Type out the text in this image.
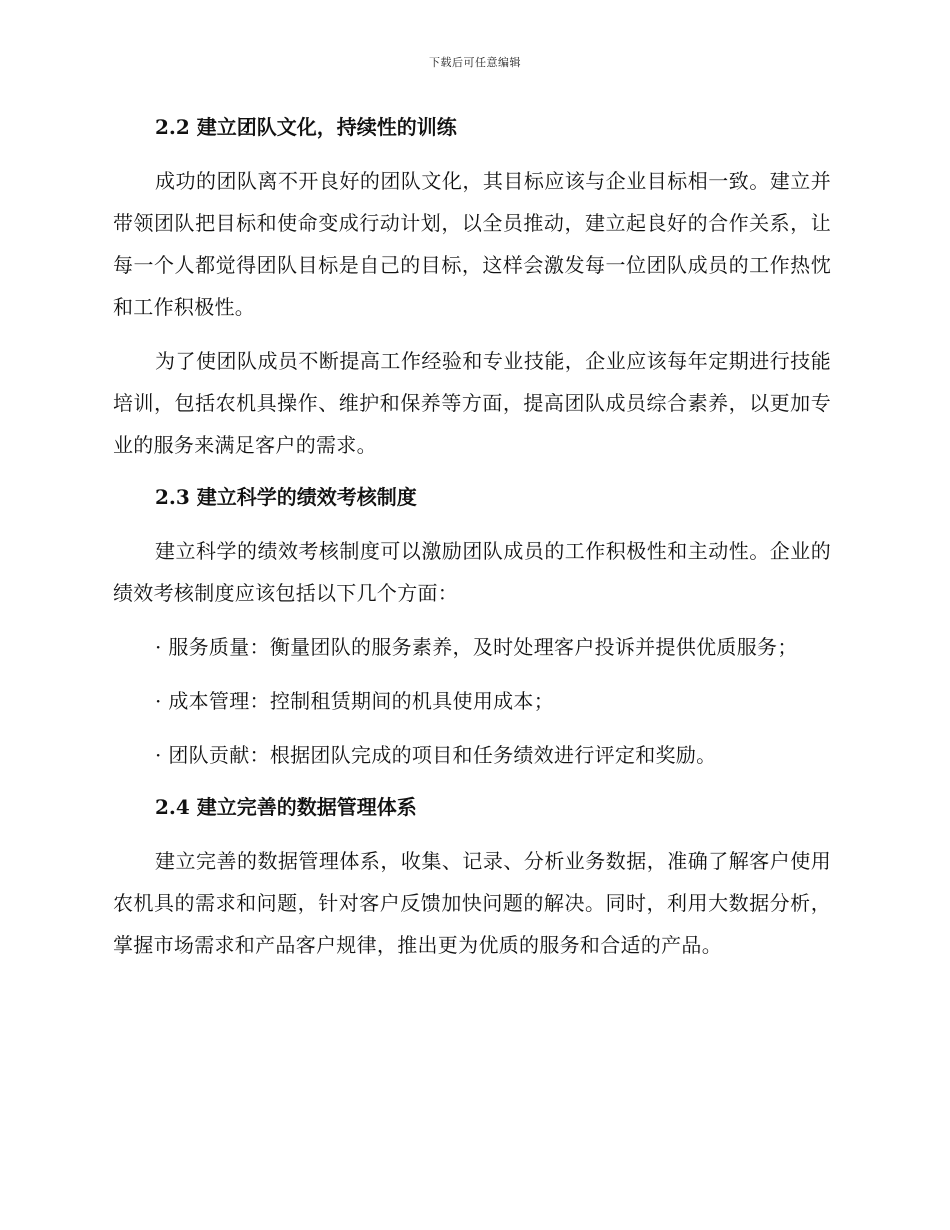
下载后可任意编辑
2.2 建立团队文化，持续性的训练

成功的团队离不开良好的团队文化，其目标应该与企业目标相一致。建立并带领团队把目标和使命变成行动计划，以全员推动，建立起良好的合作关系，让每一个人都觉得团队目标是自己的目标，这样会激发每一位团队成员的工作热忱和工作积极性。

为了使团队成员不断提高工作经验和专业技能，企业应该每年定期进行技能培训，包括农机具操作、维护和保养等方面，提高团队成员综合素养，以更加专业的服务来满足客户的需求。

2.3 建立科学的绩效考核制度

建立科学的绩效考核制度可以激励团队成员的工作积极性和主动性。企业的绩效考核制度应该包括以下几个方面：

· 服务质量：衡量团队的服务素养，及时处理客户投诉并提供优质服务；

· 成本管理：控制租赁期间的机具使用成本；

· 团队贡献：根据团队完成的项目和任务绩效进行评定和奖励。

2.4 建立完善的数据管理体系

建立完善的数据管理体系，收集、记录、分析业务数据，准确了解客户使用农机具的需求和问题，针对客户反馈加快问题的解决。同时，利用大数据分析，掌握市场需求和产品客户规律，推出更为优质的服务和合适的产品。
